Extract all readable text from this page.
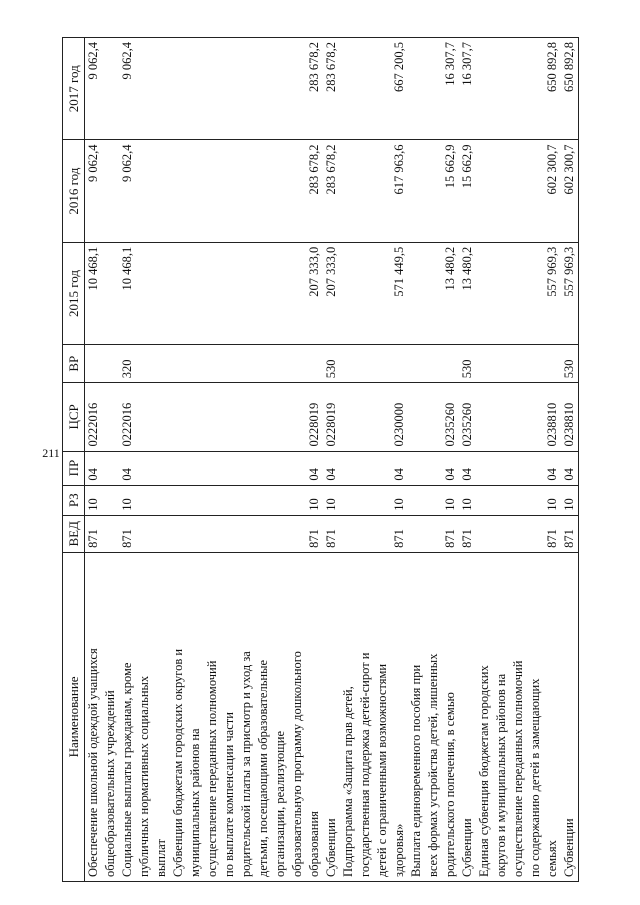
211
Наименование	ВЕД	РЗ	ПР	ЦСР	ВР	2015 год	2016 год	2017 год
Обеспечение школьной одеждой учащихся	871	10	04	0222016		10 468,1	9 062,4	9 062,4
общеобразовательных учреждений								
Социальные выплаты гражданам, кроме	871	10	04	0222016	320	10 468,1	9 062,4	9 062,4
публичных нормативных социальных								
выплат								
Субвенции бюджетам городских округов и								
муниципальных районов на								
осуществление переданных полномочий								
по выплате компенсации части								
родительской платы за присмотр и уход за								
детьми, посещающими образовательные								
организации, реализующие								
образовательную программу дошкольного								
образования	871	10	04	0228019		207 333,0	283 678,2	283 678,2
Субвенции	871	10	04	0228019	530	207 333,0	283 678,2	283 678,2
Подпрограмма «Защита прав детей,								
государственная поддержка детей-сирот и								
детей с ограниченными возможностями								
здоровья»	871	10	04	0230000		571 449,5	617 963,6	667 200,5
Выплата единовременного пособия при								
всех формах устройства детей, лишенных								
родительского попечения, в семью	871	10	04	0235260		13 480,2	15 662,9	16 307,7
Субвенции	871	10	04	0235260	530	13 480,2	15 662,9	16 307,7
Единая субвенция бюджетам городских								
округов и муниципальных районов на								
осуществление переданных полномочий								
по содержанию детей в замещающих								
семьях	871	10	04	0238810		557 969,3	602 300,7	650 892,8
Субвенции	871	10	04	0238810	530	557 969,3	602 300,7	650 892,8
